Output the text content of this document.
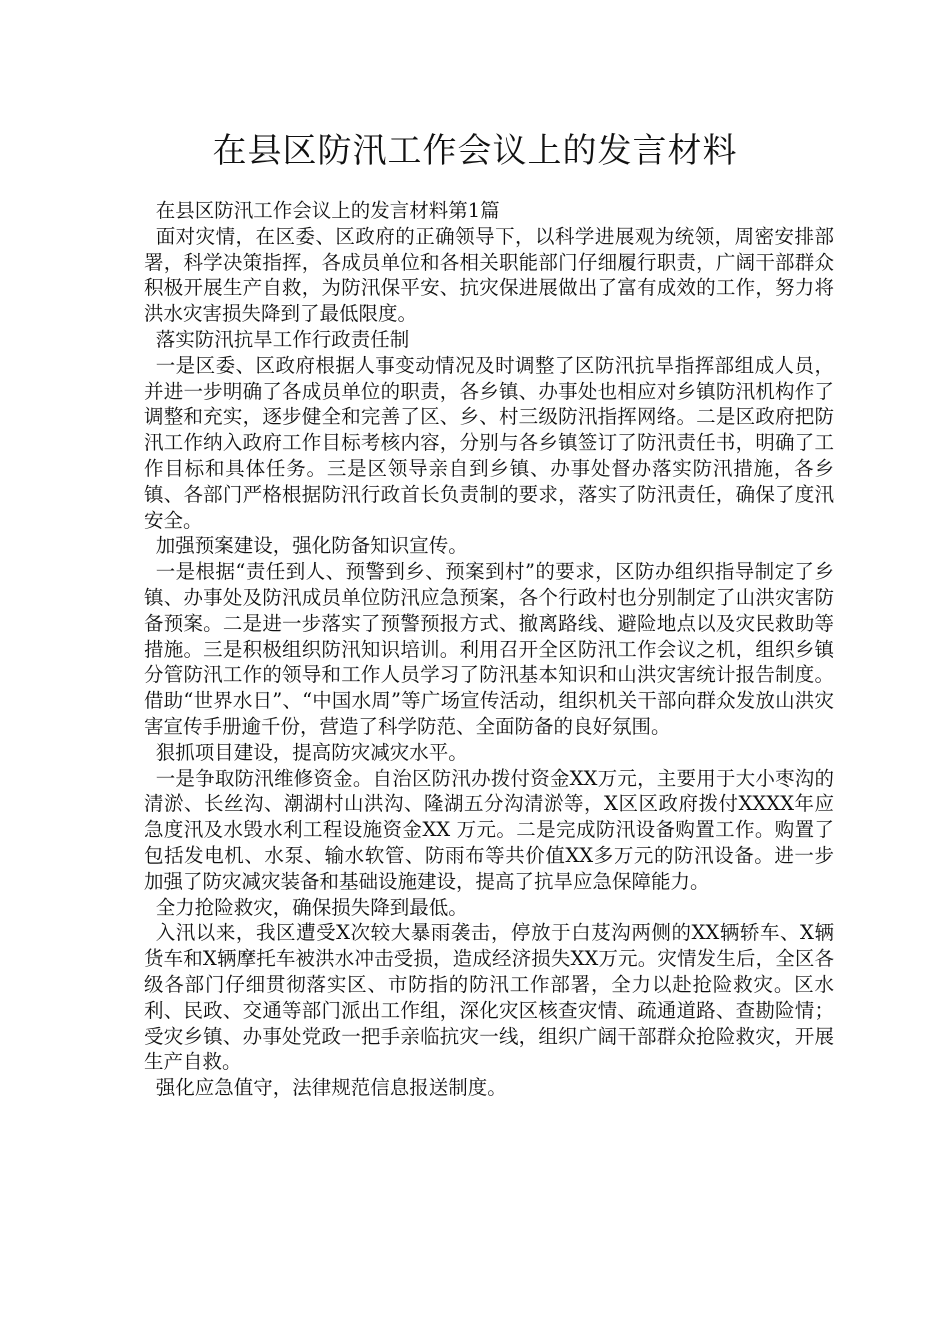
在县区防汛工作会议上的发言材料

在县区防汛工作会议上的发言材料第1篇

面对灾情，在区委、区政府的正确领导下，以科学进展观为统领，周密安排部署，科学决策指挥，各成员单位和各相关职能部门仔细履行职责，广阔干部群众积极开展生产自救，为防汛保平安、抗灾保进展做出了富有成效的工作，努力将洪水灾害损失降到了最低限度。

落实防汛抗旱工作行政责任制

一是区委、区政府根据人事变动情况及时调整了区防汛抗旱指挥部组成人员，并进一步明确了各成员单位的职责，各乡镇、办事处也相应对乡镇防汛机构作了调整和充实，逐步健全和完善了区、乡、村三级防汛指挥网络。二是区政府把防汛工作纳入政府工作目标考核内容，分别与各乡镇签订了防汛责任书，明确了工作目标和具体任务。三是区领导亲自到乡镇、办事处督办落实防汛措施，各乡镇、各部门严格根据防汛行政首长负责制的要求，落实了防汛责任，确保了度汛安全。

加强预案建设，强化防备知识宣传。

一是根据“责任到人、预警到乡、预案到村”的要求，区防办组织指导制定了乡镇、办事处及防汛成员单位防汛应急预案，各个行政村也分别制定了山洪灾害防备预案。二是进一步落实了预警预报方式、撤离路线、避险地点以及灾民救助等措施。三是积极组织防汛知识培训。利用召开全区防汛工作会议之机，组织乡镇分管防汛工作的领导和工作人员学习了防汛基本知识和山洪灾害统计报告制度。借助“世界水日”、“中国水周”等广场宣传活动，组织机关干部向群众发放山洪灾害宣传手册逾千份，营造了科学防范、全面防备的良好氛围。

狠抓项目建设，提高防灾减灾水平。

一是争取防汛维修资金。自治区防汛办拨付资金XX万元，主要用于大小枣沟的清淤、长丝沟、潮湖村山洪沟、隆湖五分沟清淤等，X区区政府拨付XXXX年应急度汛及水毁水利工程设施资金XX 万元。二是完成防汛设备购置工作。购置了包括发电机、水泵、输水软管、防雨布等共价值XX多万元的防汛设备。进一步加强了防灾减灾装备和基础设施建设，提高了抗旱应急保障能力。

全力抢险救灾，确保损失降到最低。

入汛以来，我区遭受X次较大暴雨袭击，停放于白芨沟两侧的XX辆轿车、X辆货车和X辆摩托车被洪水冲击受损，造成经济损失XX万元。灾情发生后，全区各级各部门仔细贯彻落实区、市防指的防汛工作部署，全力以赴抢险救灾。区水利、民政、交通等部门派出工作组，深化灾区核查灾情、疏通道路、查勘险情；受灾乡镇、办事处党政一把手亲临抗灾一线，组织广阔干部群众抢险救灾，开展生产自救。

强化应急值守，法律规范信息报送制度。
